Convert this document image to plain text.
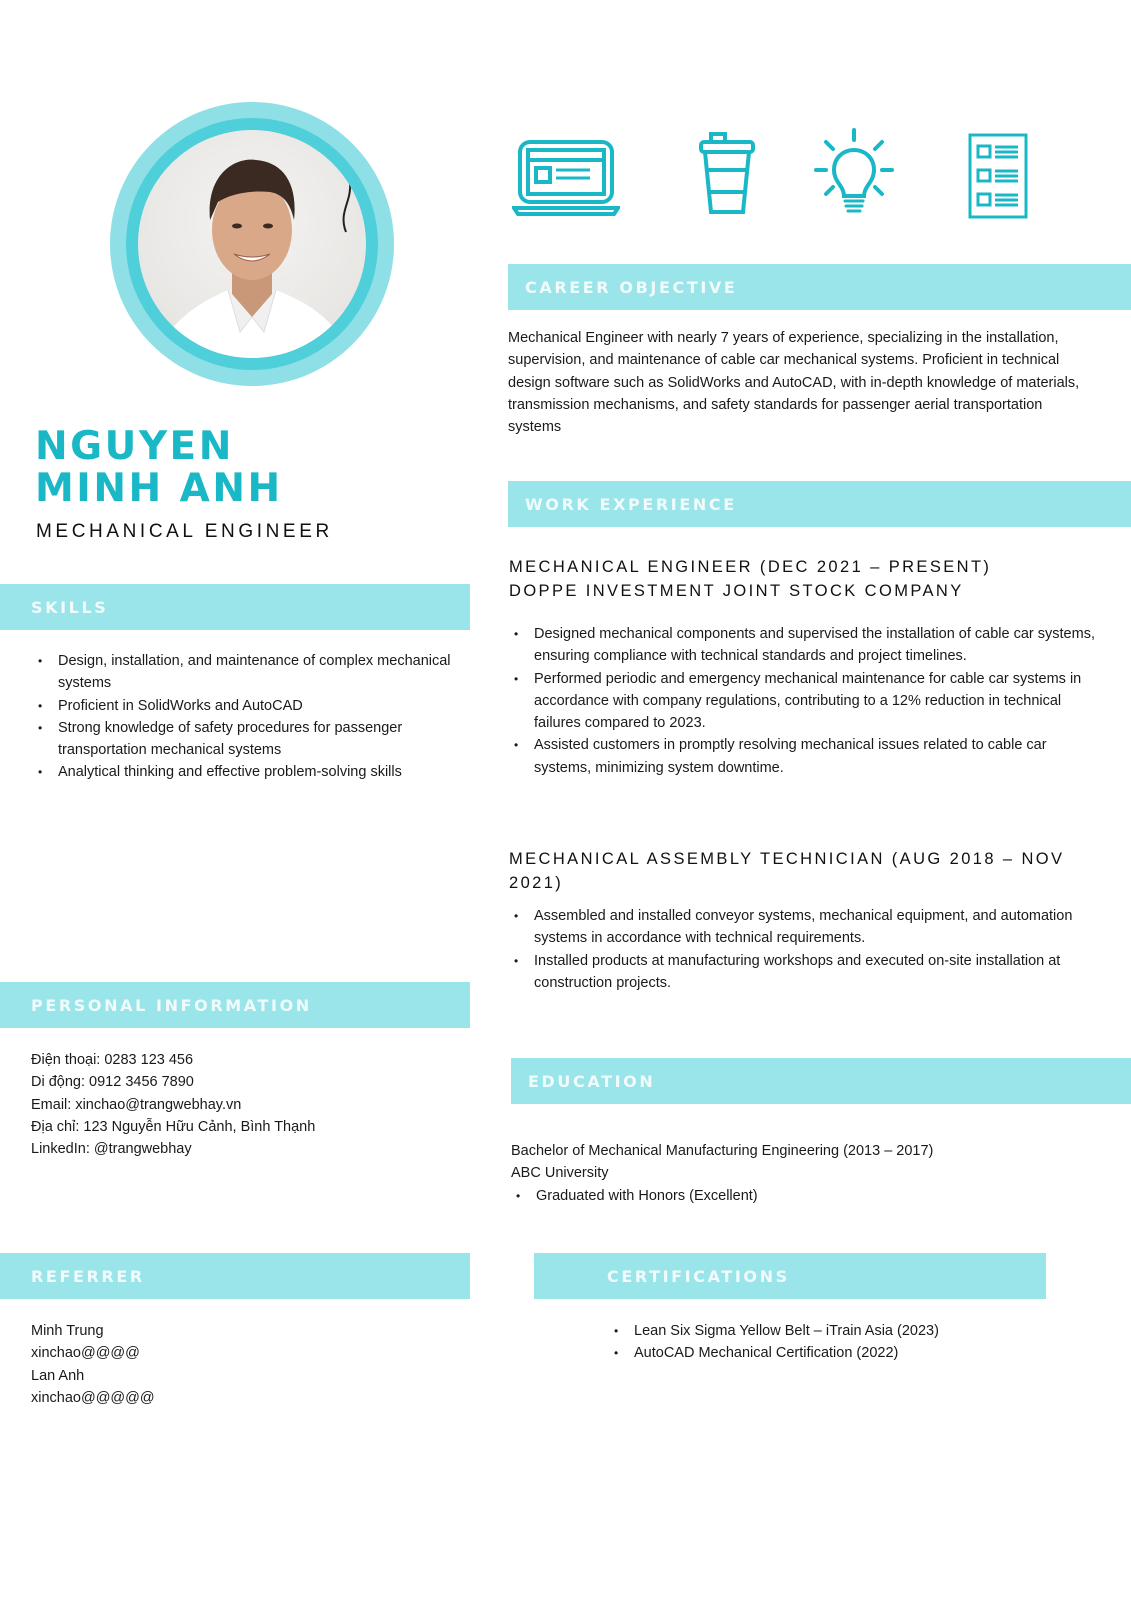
NGUYEN
MINH ANH
MECHANICAL ENGINEER
SKILLS
• Design, installation, and maintenance of complex mechanical systems
• Proficient in SolidWorks and AutoCAD
• Strong knowledge of safety procedures for passenger transportation mechanical systems
• Analytical thinking and effective problem-solving skills
PERSONAL INFORMATION
Điện thoại: 0283 123 456
Di động: 0912 3456 7890
Email: xinchao@trangwebhay.vn
Địa chỉ: 123 Nguyễn Hữu Cảnh, Bình Thạnh
LinkedIn: @trangwebhay
REFERRER
Minh Trung
xinchao@@@@
Lan Anh
xinchao@@@@@
CAREER OBJECTIVE

Mechanical Engineer with nearly 7 years of experience, specializing in the installation, supervision, and maintenance of cable car mechanical systems. Proficient in technical design software such as SolidWorks and AutoCAD, with in-depth knowledge of materials, transmission mechanisms, and safety standards for passenger aerial transportation systems

WORK EXPERIENCE
MECHANICAL ENGINEER (DEC 2021 – PRESENT)
DOPPE INVESTMENT JOINT STOCK COMPANY
• Designed mechanical components and supervised the installation of cable car systems, ensuring compliance with technical standards and project timelines.
• Performed periodic and emergency mechanical maintenance for cable car systems in accordance with company regulations, contributing to a 12% reduction in technical failures compared to 2023.
• Assisted customers in promptly resolving mechanical issues related to cable car systems, minimizing system downtime.
MECHANICAL ASSEMBLY TECHNICIAN (AUG 2018 – NOV 2021)
• Assembled and installed conveyor systems, mechanical equipment, and automation systems in accordance with technical requirements.
• Installed products at manufacturing workshops and executed on-site installation at construction projects.
EDUCATION
Bachelor of Mechanical Manufacturing Engineering (2013 – 2017)
ABC University
• Graduated with Honors (Excellent)
CERTIFICATIONS
• Lean Six Sigma Yellow Belt – iTrain Asia (2023)
• AutoCAD Mechanical Certification (2022)
